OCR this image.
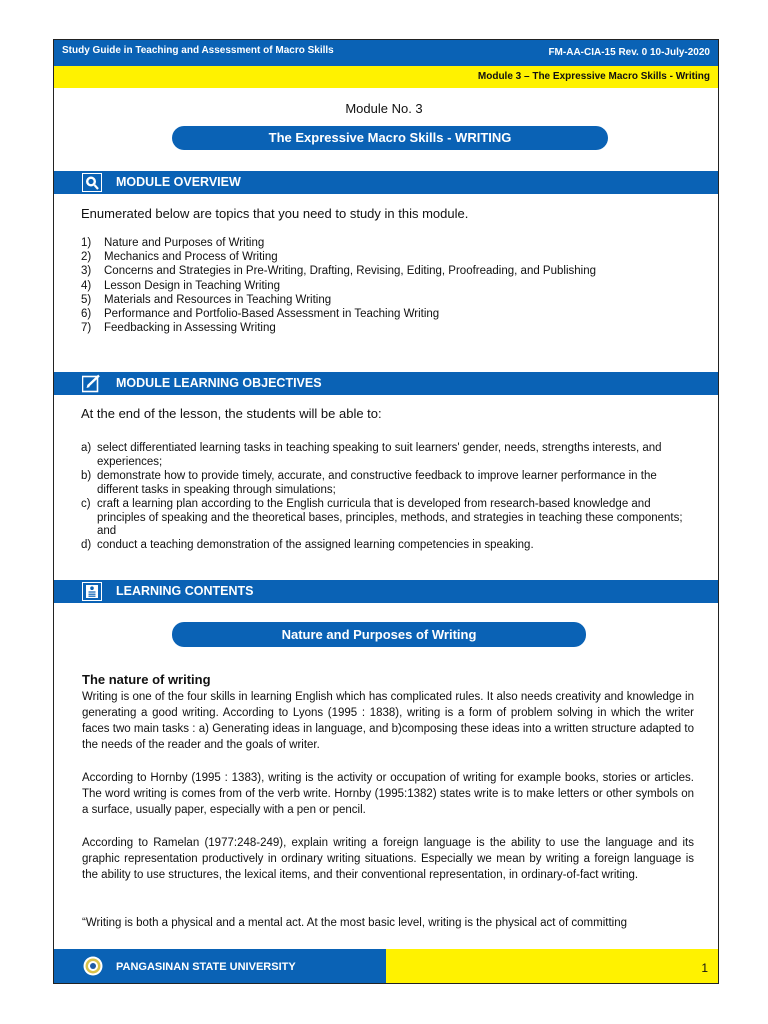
Study Guide in Teaching and Assessment of Macro Skills	FM-AA-CIA-15 Rev. 0 10-July-2020
Module 3 – The Expressive Macro Skills - Writing
Module No. 3
The Expressive Macro Skills - WRITING
MODULE OVERVIEW
Enumerated below are topics that you need to study in this module.
1) Nature and Purposes of Writing
2) Mechanics and Process of Writing
3) Concerns and Strategies in Pre-Writing, Drafting, Revising, Editing, Proofreading, and Publishing
4) Lesson Design in Teaching Writing
5) Materials and Resources in Teaching Writing
6) Performance and Portfolio-Based Assessment in Teaching Writing
7) Feedbacking in Assessing Writing
MODULE LEARNING OBJECTIVES
At the end of the lesson, the students will be able to:
a) select differentiated learning tasks in teaching speaking to suit learners' gender, needs, strengths interests, and experiences;
b) demonstrate how to provide timely, accurate, and constructive feedback to improve learner performance in the different tasks in speaking through simulations;
c) craft a learning plan according to the English curricula that is developed from research-based knowledge and principles of speaking and the theoretical bases, principles, methods, and strategies in teaching these components; and
d) conduct a teaching demonstration of the assigned learning competencies in speaking.
LEARNING CONTENTS
Nature and Purposes of Writing
The nature of writing

Writing is one of the four skills in learning English which has complicated rules. It also needs creativity and knowledge in generating a good writing. According to Lyons (1995 : 1838), writing is a form of problem solving in which the writer faces two main tasks : a) Generating ideas in language, and b)composing these ideas into a written structure adapted to the needs of the reader and the goals of writer.

According to Hornby (1995 : 1383), writing is the activity or occupation of writing for example books, stories or articles. The word writing is comes from of the verb write. Hornby (1995:1382) states write is to make letters or other symbols on a surface, usually paper, especially with a pen or pencil.

According to Ramelan (1977:248-249), explain writing a foreign language is the ability to use the language and its graphic representation productively in ordinary writing situations. Especially we mean by writing a foreign language is the ability to use structures, the lexical items, and their conventional representation, in ordinary-of-fact writing.

“Writing is both a physical and a mental act. At the most basic level, writing is the physical act of committing

PANGASINAN STATE UNIVERSITY	1
